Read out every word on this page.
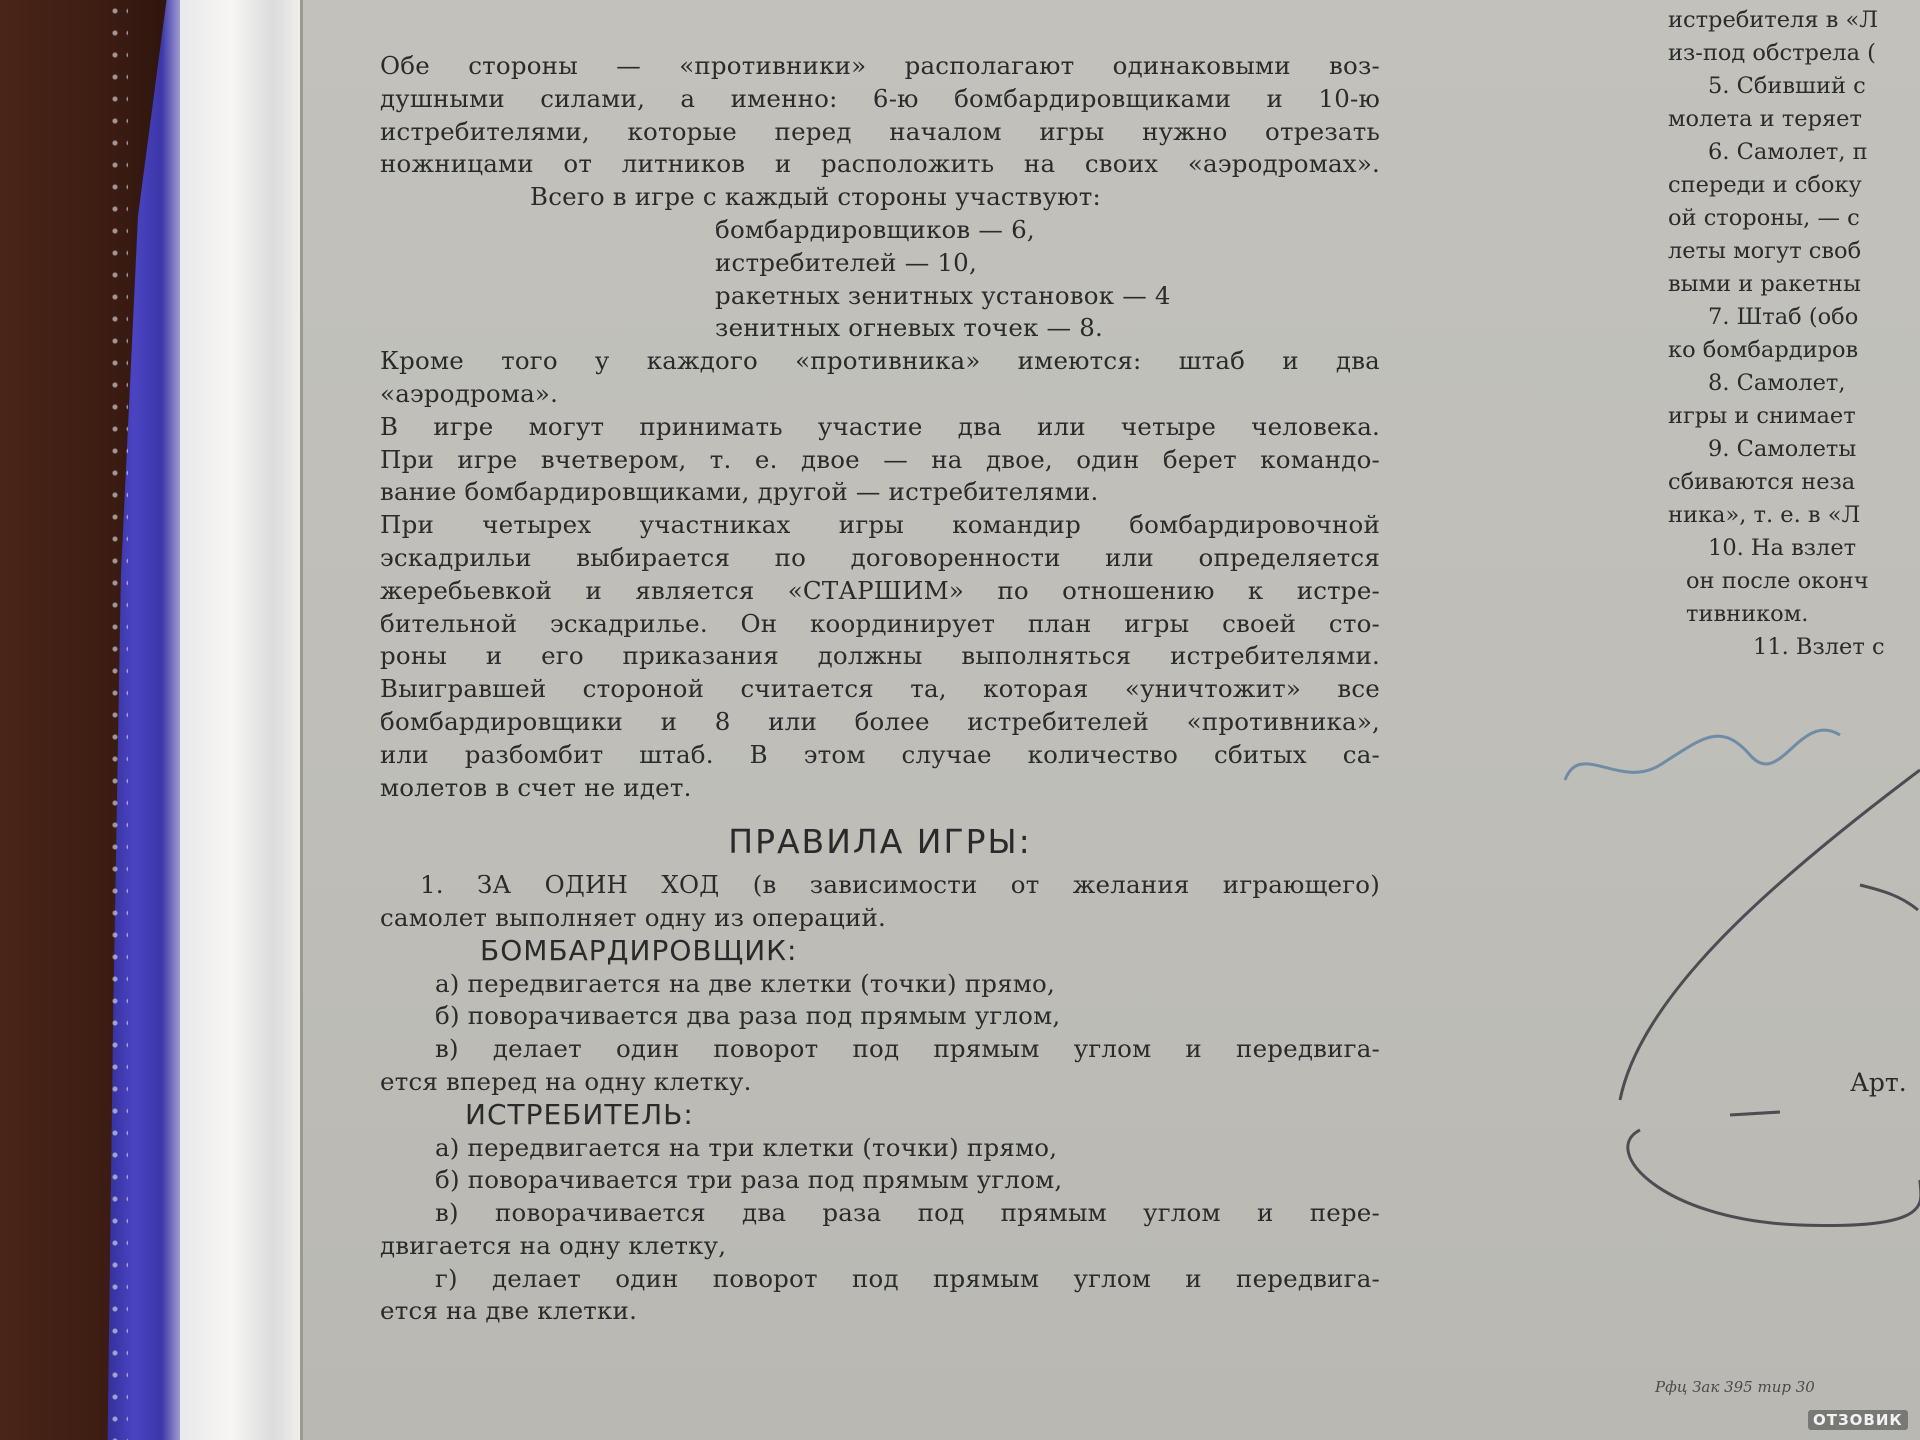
Обе стороны — «противники» располагают одинаковыми воз-
душными силами, а именно: 6-ю бомбардировщиками и 10-ю
истребителями, которые перед началом игры нужно отрезать
ножницами от литников и расположить на своих «аэродромах».
Всего в игре с каждый стороны участвуют:
бомбардировщиков — 6,
истребителей — 10,
ракетных зенитных установок — 4
зенитных огневых точек — 8.
Кроме того у каждого «противника» имеются: штаб и два
«аэродрома».
В игре могут принимать участие два или четыре человека.
При игре вчетвером, т. е. двое — на двое, один берет командо-
вание бомбардировщиками, другой — истребителями.
При четырех участниках игры командир бомбардировочной
эскадрильи выбирается по договоренности или определяется
жеребьевкой и является «СТАРШИМ» по отношению к истре-
бительной эскадрилье. Он координирует план игры своей сто-
роны и его приказания должны выполняться истребителями.
Выигравшей стороной считается та, которая «уничтожит» все
бомбардировщики и 8 или более истребителей «противника»,
или разбомбит штаб. В этом случае количество сбитых са-
молетов в счет не идет.
ПРАВИЛА ИГРЫ:
1. ЗА ОДИН ХОД (в зависимости от желания играющего)
самолет выполняет одну из операций.
БОМБАРДИРОВЩИК:
а) передвигается на две клетки (точки) прямо,
б) поворачивается два раза под прямым углом,
в) делает один поворот под прямым углом и передвига-
ется вперед на одну клетку.
ИСТРЕБИТЕЛЬ:
а) передвигается на три клетки (точки) прямо,
б) поворачивается три раза под прямым углом,
в) поворачивается два раза под прямым углом и пере-
двигается на одну клетку,
г) делает один поворот под прямым углом и передвига-
ется на две клетки.
истребителя в «Л
из-под обстрела (
5. Сбивший с
молета и теряет
6. Самолет, п
спереди и сбоку
ой стороны, — с
леты могут своб
выми и ракетны
7. Штаб (обо
ко бомбардиров
8. Самолет,
игры и снимает
9. Самолеты
сбиваются неза
ника», т. е. в «Л
10. На взлет
он после оконч
тивником.
11. Взлет с
Арт.
Рфц Зак 395 тир 30
ОТЗОВИК
